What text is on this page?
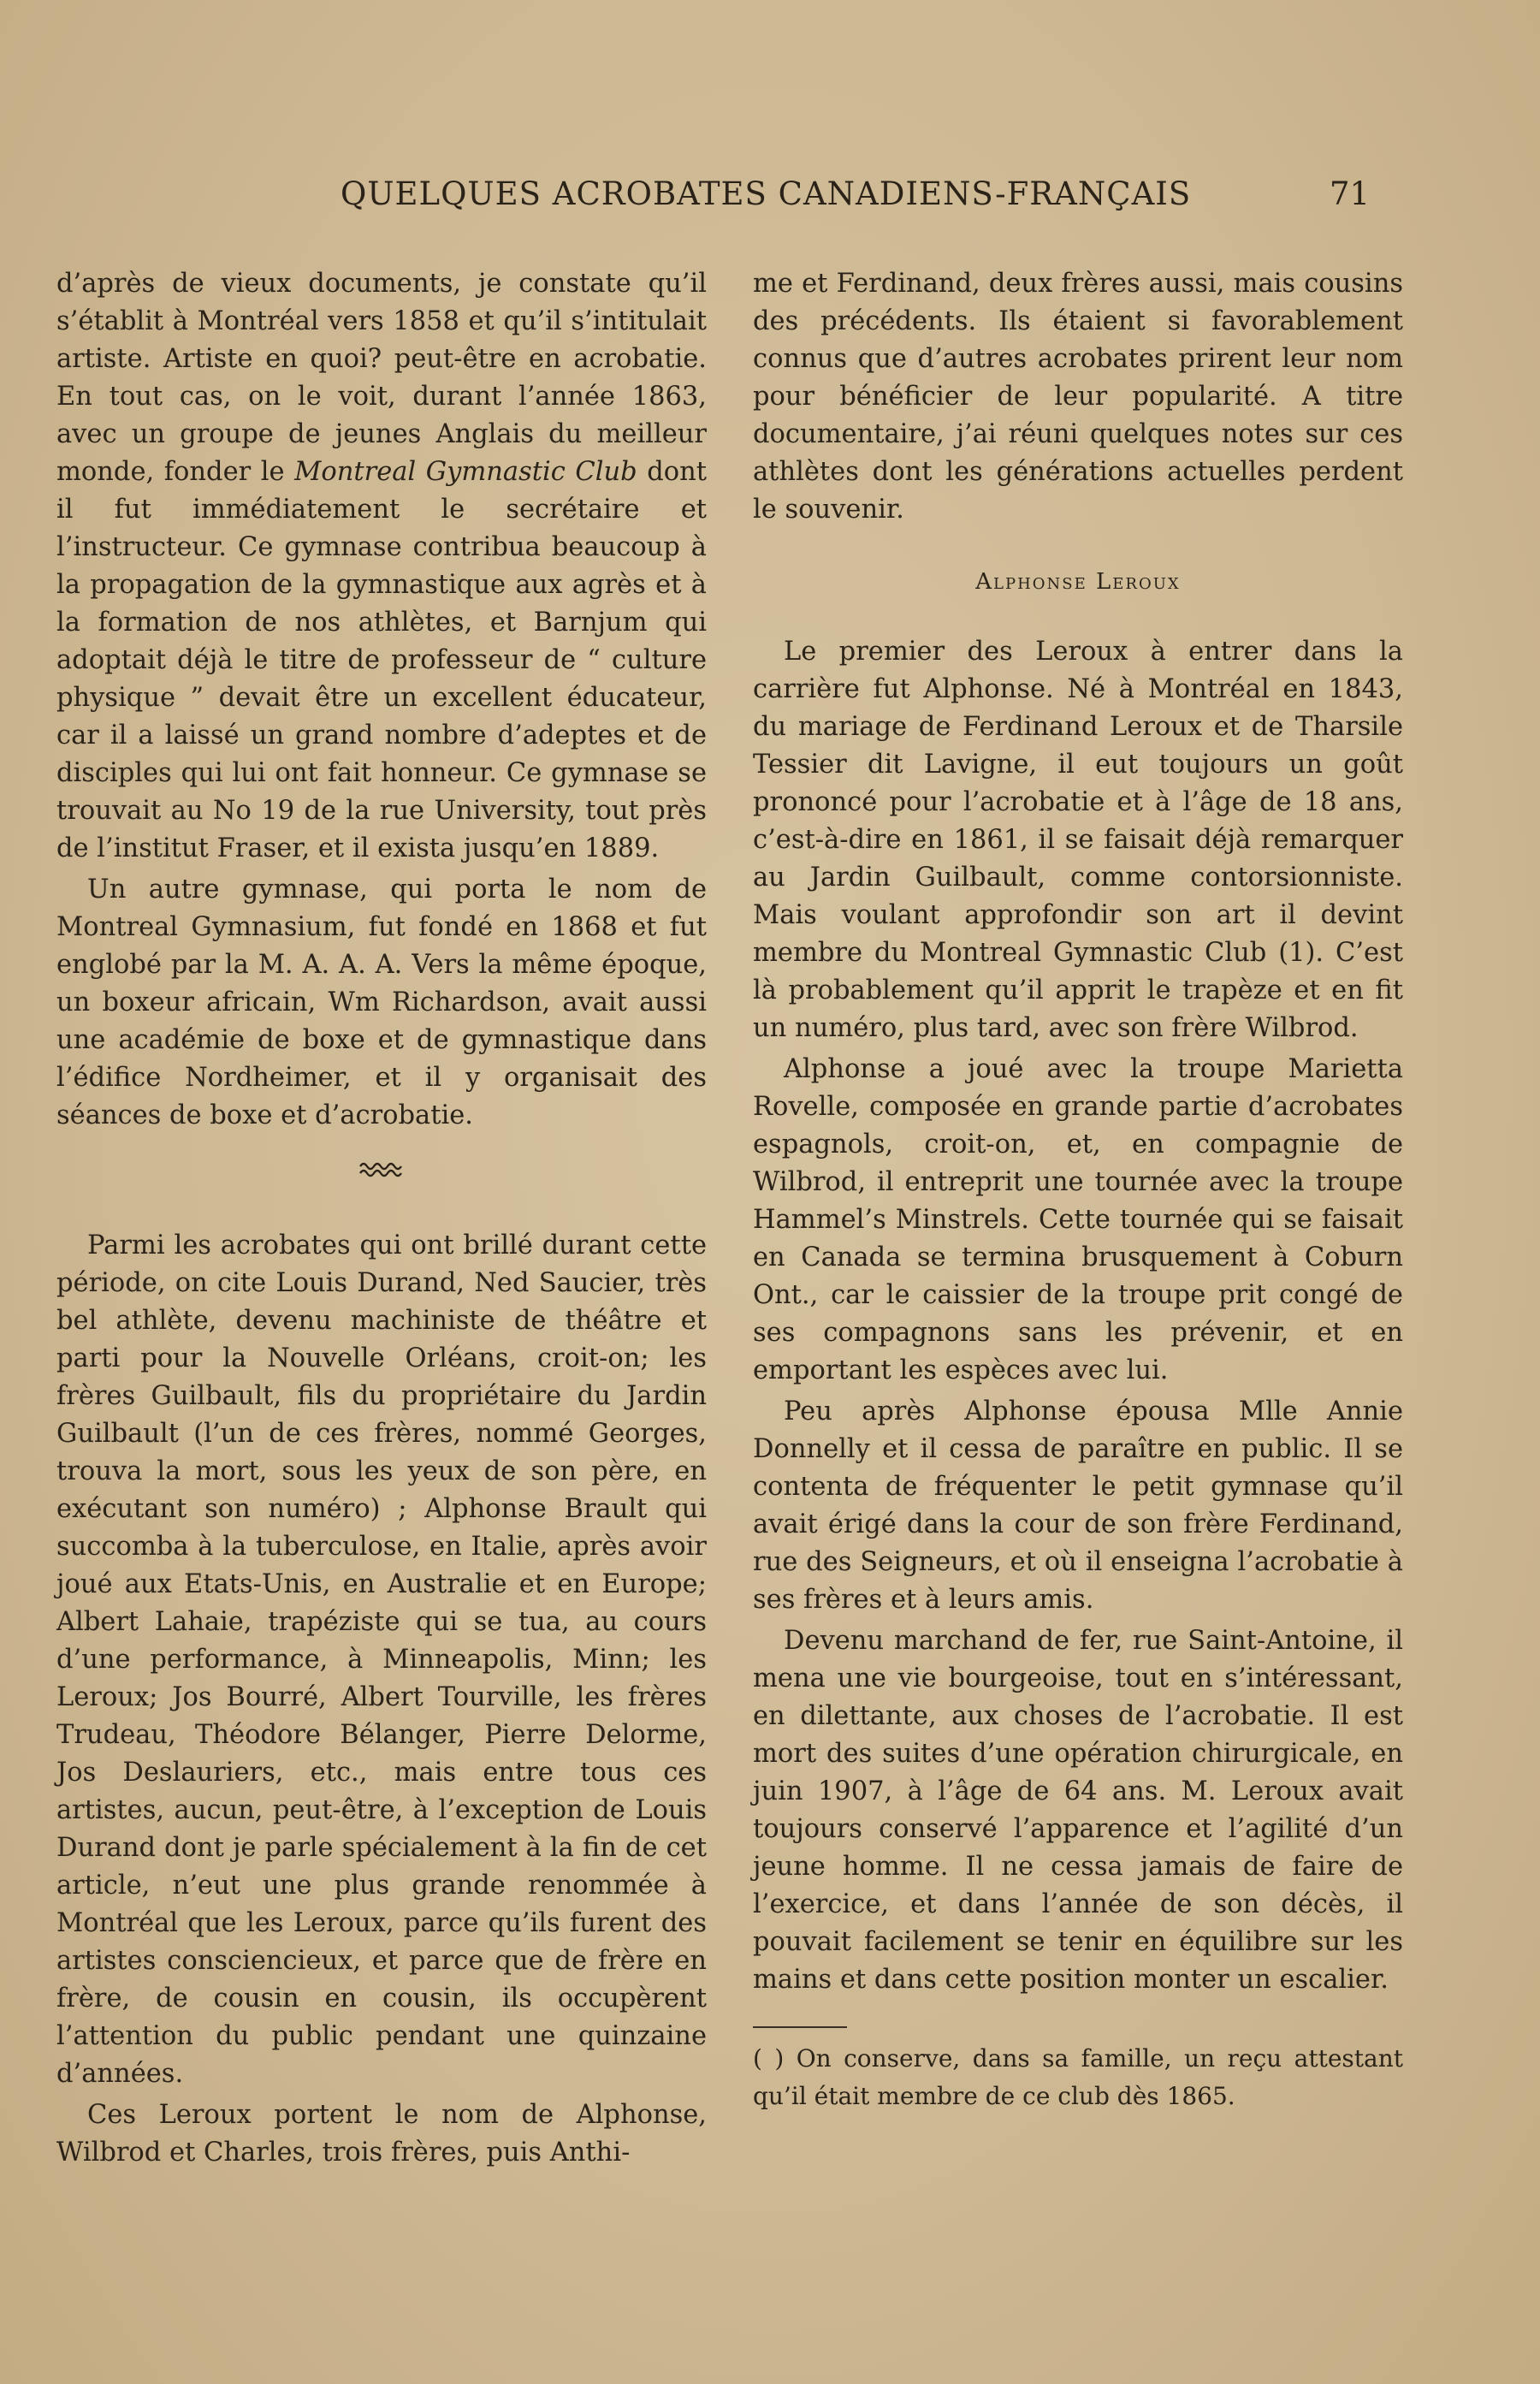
QUELQUES ACROBATES CANADIENS-FRANÇAIS	71

d’après de vieux documents, je constate qu’il s’établit à Montréal vers 1858 et qu’il s’intitulait artiste. Artiste en quoi? peut-être en acrobatie. En tout cas, on le voit, durant l’année 1863, avec un groupe de jeunes Anglais du meilleur monde, fonder le Montreal Gymnastic Club dont il fut immédiatement le secrétaire et l’instructeur. Ce gymnase contribua beaucoup à la propagation de la gymnastique aux agrès et à la formation de nos athlètes, et Barnjum qui adoptait déjà le titre de professeur de “ culture physique ” devait être un excellent éducateur, car il a laissé un grand nombre d’adeptes et de disciples qui lui ont fait honneur. Ce gymnase se trouvait au No 19 de la rue University, tout près de l’institut Fraser, et il exista jusqu’en 1889.

Un autre gymnase, qui porta le nom de Montreal Gymnasium, fut fondé en 1868 et fut englobé par la M. A. A. A. Vers la même époque, un boxeur africain, Wm Richardson, avait aussi une académie de boxe et de gymnastique dans l’édifice Nordheimer, et il y organisait des séances de boxe et d’acrobatie.

Parmi les acrobates qui ont brillé durant cette période, on cite Louis Durand, Ned Saucier, très bel athlète, devenu machiniste de théâtre et parti pour la Nouvelle Orléans, croit-on; les frères Guilbault, fils du propriétaire du Jardin Guilbault (l’un de ces frères, nommé Georges, trouva la mort, sous les yeux de son père, en exécutant son numéro) ; Alphonse Brault qui succomba à la tuberculose, en Italie, après avoir joué aux Etats-Unis, en Australie et en Europe; Albert Lahaie, trapéziste qui se tua, au cours d’une performance, à Minneapolis, Minn; les Leroux; Jos Bourré, Albert Tourville, les frères Trudeau, Théodore Bélanger, Pierre Delorme, Jos Deslauriers, etc., mais entre tous ces artistes, aucun, peut-être, à l’exception de Louis Durand dont je parle spécialement à la fin de cet article, n’eut une plus grande renommée à Montréal que les Leroux, parce qu’ils furent des artistes consciencieux, et parce que de frère en frère, de cousin en cousin, ils occupèrent l’attention du public pendant une quinzaine d’années.

Ces Leroux portent le nom de Alphonse, Wilbrod et Charles, trois frères, puis Anthi-

me et Ferdinand, deux frères aussi, mais cousins des précédents. Ils étaient si favorablement connus que d’autres acrobates prirent leur nom pour bénéficier de leur popularité. A titre documentaire, j’ai réuni quelques notes sur ces athlètes dont les générations actuelles perdent le souvenir.

Alphonse Leroux

Le premier des Leroux à entrer dans la carrière fut Alphonse. Né à Montréal en 1843, du mariage de Ferdinand Leroux et de Tharsile Tessier dit Lavigne, il eut toujours un goût prononcé pour l’acrobatie et à l’âge de 18 ans, c’est-à-dire en 1861, il se faisait déjà remarquer au Jardin Guilbault, comme contorsionniste. Mais voulant approfondir son art il devint membre du Montreal Gymnastic Club (1). C’est là probablement qu’il apprit le trapèze et en fit un numéro, plus tard, avec son frère Wilbrod.

Alphonse a joué avec la troupe Marietta Rovelle, composée en grande partie d’acrobates espagnols, croit-on, et, en compagnie de Wilbrod, il entreprit une tournée avec la troupe Hammel’s Minstrels. Cette tournée qui se faisait en Canada se termina brusquement à Coburn Ont., car le caissier de la troupe prit congé de ses compagnons sans les prévenir, et en emportant les espèces avec lui.

Peu après Alphonse épousa Mlle Annie Donnelly et il cessa de paraître en public. Il se contenta de fréquenter le petit gymnase qu’il avait érigé dans la cour de son frère Ferdinand, rue des Seigneurs, et où il enseigna l’acrobatie à ses frères et à leurs amis.

Devenu marchand de fer, rue Saint-Antoine, il mena une vie bourgeoise, tout en s’intéressant, en dilettante, aux choses de l’acrobatie. Il est mort des suites d’une opération chirurgicale, en juin 1907, à l’âge de 64 ans. M. Leroux avait toujours conservé l’apparence et l’agilité d’un jeune homme. Il ne cessa jamais de faire de l’exercice, et dans l’année de son décès, il pouvait facilement se tenir en équilibre sur les mains et dans cette position monter un escalier.

( ) On conserve, dans sa famille, un reçu attestant qu’il était membre de ce club dès 1865.
